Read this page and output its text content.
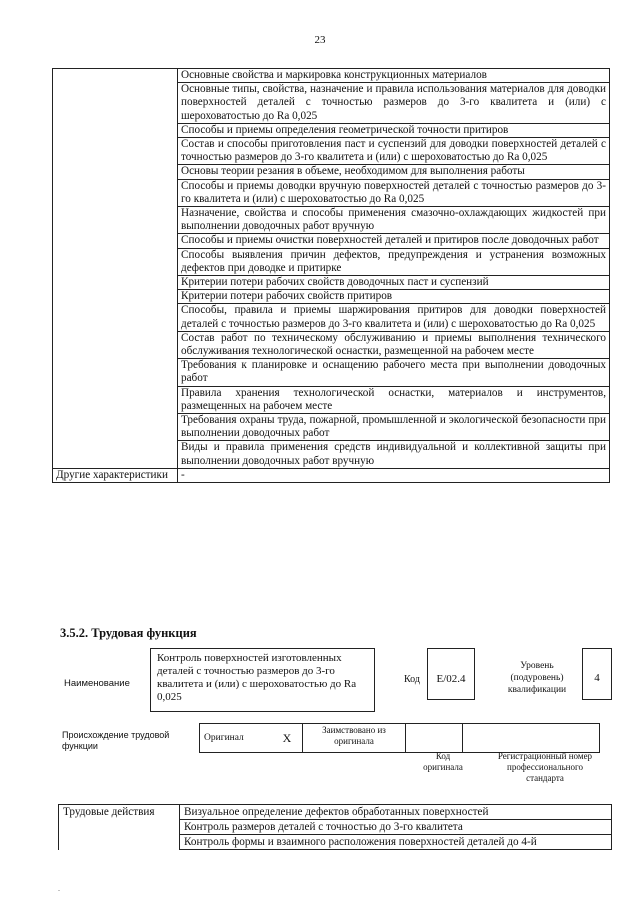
23
	Основные свойства и маркировка конструкционных материалов
	Основные типы, свойства, назначение и правила использования материалов для доводки поверхностей деталей с точностью размеров до 3-го квалитета и (или) с шероховатостью до Ra 0,025
	Способы и приемы определения геометрической точности притиров
	Состав и способы приготовления паст и суспензий для доводки поверхностей деталей с точностью размеров до 3-го квалитета и (или) с шероховатостью до Ra 0,025
	Основы теории резания в объеме, необходимом для выполнения работы
	Способы и приемы доводки вручную поверхностей деталей с точностью размеров до 3-го квалитета и (или) с шероховатостью до Ra 0,025
	Назначение, свойства и способы применения смазочно-охлаждающих жидкостей при выполнении доводочных работ вручную
	Способы и приемы очистки поверхностей деталей и притиров после доводочных работ
	Способы выявления причин дефектов, предупреждения и устранения возможных дефектов при доводке и притирке
	Критерии потери рабочих свойств доводочных паст и суспензий
	Критерии потери рабочих свойств притиров
	Способы, правила и приемы шаржирования притиров для доводки поверхностей деталей с точностью размеров до 3-го квалитета и (или) с шероховатостью до Ra 0,025
	Состав работ по техническому обслуживанию и приемы выполнения технического обслуживания технологической оснастки, размещенной на рабочем месте
	Требования к планировке и оснащению рабочего места при выполнении доводочных работ
	Правила хранения технологической оснастки, материалов и инструментов, размещенных на рабочем месте
	Требования охраны труда, пожарной, промышленной и экологической безопасности при выполнении доводочных работ
	Виды и правила применения средств индивидуальной и коллективной защиты при выполнении доводочных работ вручную
Другие характеристики	-
3.5.2. Трудовая функция
Наименование
Контроль поверхностей изготовленных деталей с точностью размеров до 3-го квалитета и (или) с шероховатостью до Ra 0,025
Код	E/02.4
Уровень (подуровень) квалификации
4
Происхождение трудовой функции
Оригинал	X	Заимствовано из оригинала		
Код оригинала
Регистрационный номер профессионального стандарта
Трудовые действия	Визуальное определение дефектов обработанных поверхностей
	Контроль размеров деталей с точностью до 3-го квалитета
	Контроль формы и взаимного расположения поверхностей деталей до 4-й
.
